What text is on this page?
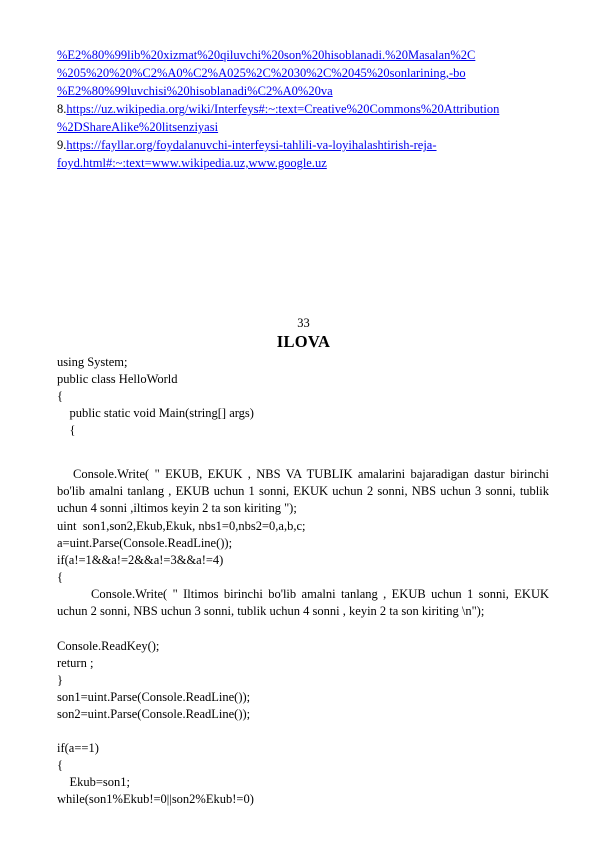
%E2%80%99lib%20xizmat%20qiluvchi%20son%20hisoblanadi.%20Masalan%2C
%205%20%20%C2%A0%C2%A025%2C%2030%2C%2045%20sonlarining,-bo
%E2%80%99luvchisi%20hisoblanadi%C2%A0%20va
8.https://uz.wikipedia.org/wiki/Interfeys#:~:text=Creative%20Commons%20Attribution
%2DShareAlike%20litsenziyasi
9.https://fayllar.org/foydalanuvchi-interfeysi-tahlili-va-loyihalashtirish-reja-
foyd.html#:~:text=www.wikipedia.uz,www.google.uz
33
ILOVA
using System;
public class HelloWorld
{
public static void Main(string[] args)
{
Console.Write( " EKUB, EKUK , NBS VA TUBLIK amalarini bajaradigan dastur birinchi bo'lib amalni tanlang , EKUB uchun 1 sonni, EKUK uchun 2 sonni, NBS uchun 3 sonni, tublik uchun 4 sonni ,iltimos keyin 2 ta son kiriting ");
uint  son1,son2,Ekub,Ekuk, nbs1=0,nbs2=0,a,b,c;
a=uint.Parse(Console.ReadLine());
if(a!=1&&a!=2&&a!=3&&a!=4)
{
Console.Write( " Iltimos birinchi bo'lib amalni tanlang , EKUB uchun 1 sonni, EKUK uchun 2 sonni, NBS uchun 3 sonni, tublik uchun 4 sonni , keyin 2 ta son kiriting \n");
Console.ReadKey();
return ;
}
son1=uint.Parse(Console.ReadLine());
son2=uint.Parse(Console.ReadLine());
if(a==1)
{
Ekub=son1;
while(son1%Ekub!=0||son2%Ekub!=0)
